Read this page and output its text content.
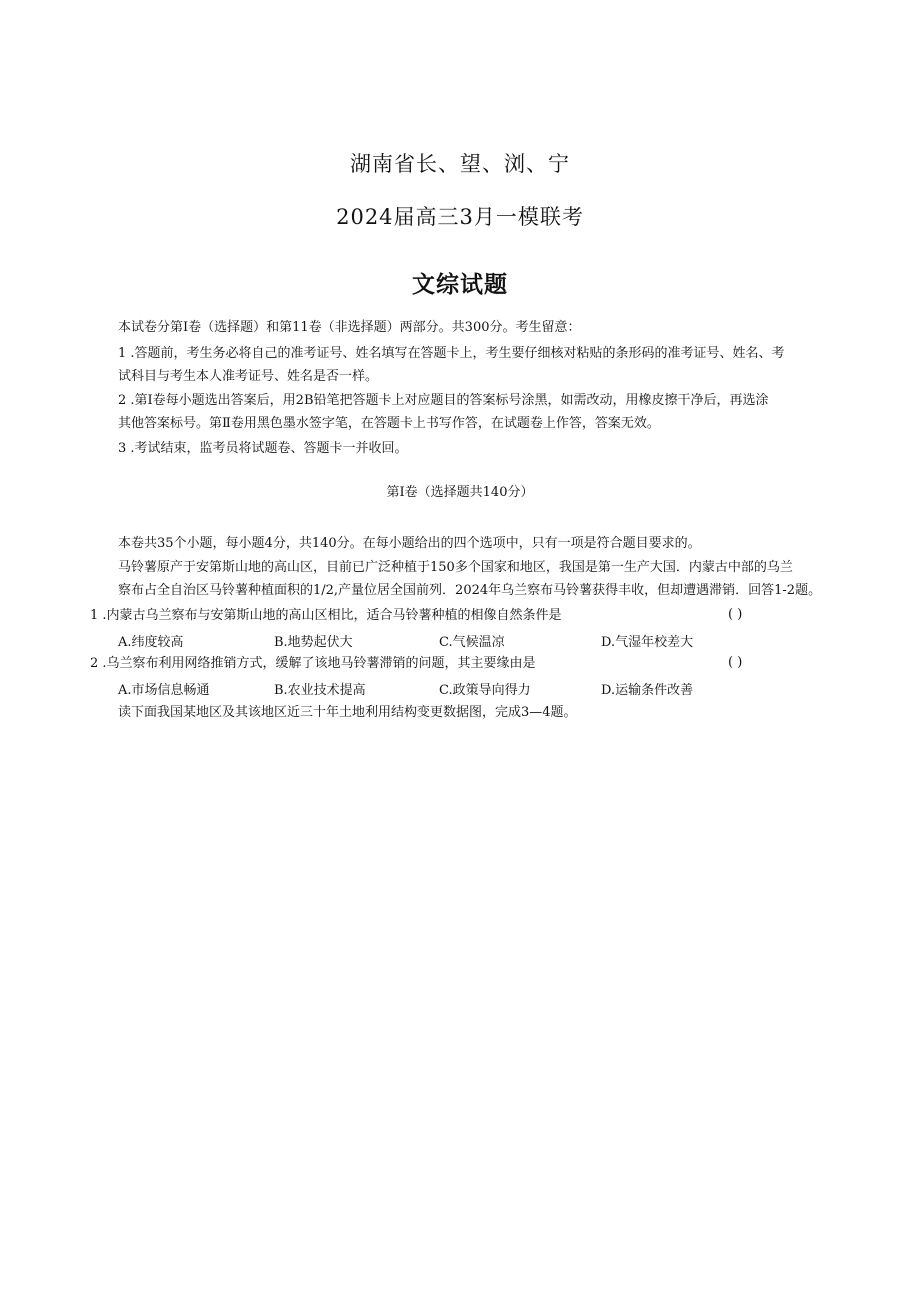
湖南省长、望、浏、宁
2024届高三3月一模联考
文综试题
本试卷分第Ⅰ卷（选择题）和第11卷（非选择题）两部分。共300分。考生留意：
1 .答题前，考生务必将自己的准考证号、姓名填写在答题卡上，考生要仔细核对粘贴的条形码的准考证号、姓名、考
试科目与考生本人准考证号、姓名是否一样。
2 .第Ⅰ卷每小题选出答案后，用2B铅笔把答题卡上对应题目的答案标号涂黑，如需改动，用橡皮擦干净后，再选涂
其他答案标号。第Ⅱ卷用黑色墨水签字笔，在答题卡上书写作答，在试题卷上作答，答案无效。
3 .考试结束，监考员将试题卷、答题卡一并收回。
第Ⅰ卷（选择题共140分）
本卷共35个小题，每小题4分，共140分。在每小题给出的四个选项中，只有一项是符合题目要求的。
马铃薯原产于安第斯山地的高山区，目前已广泛种植于150多个国家和地区，我国是第一生产大国．内蒙古中部的乌兰
察布占全自治区马铃薯种植面积的1/2,产量位居全国前列．2024年乌兰察布马铃薯获得丰收，但却遭遇滞销．回答1-2题。
1 .内蒙古乌兰察布与安第斯山地的高山区相比，适合马铃薯种植的相像自然条件是	( )
A.纬度较高	B.地势起伏大	C.气候温凉	D.气湿年校差大
2 .乌兰察布利用网络推销方式，缓解了该地马铃薯滞销的问题，其主要缘由是	( )
A.市场信息畅通	B.农业技术提高	C.政策导向得力	D.运输条件改善
读下面我国某地区及其该地区近三十年土地利用结构变更数据图，完成3—4题。
